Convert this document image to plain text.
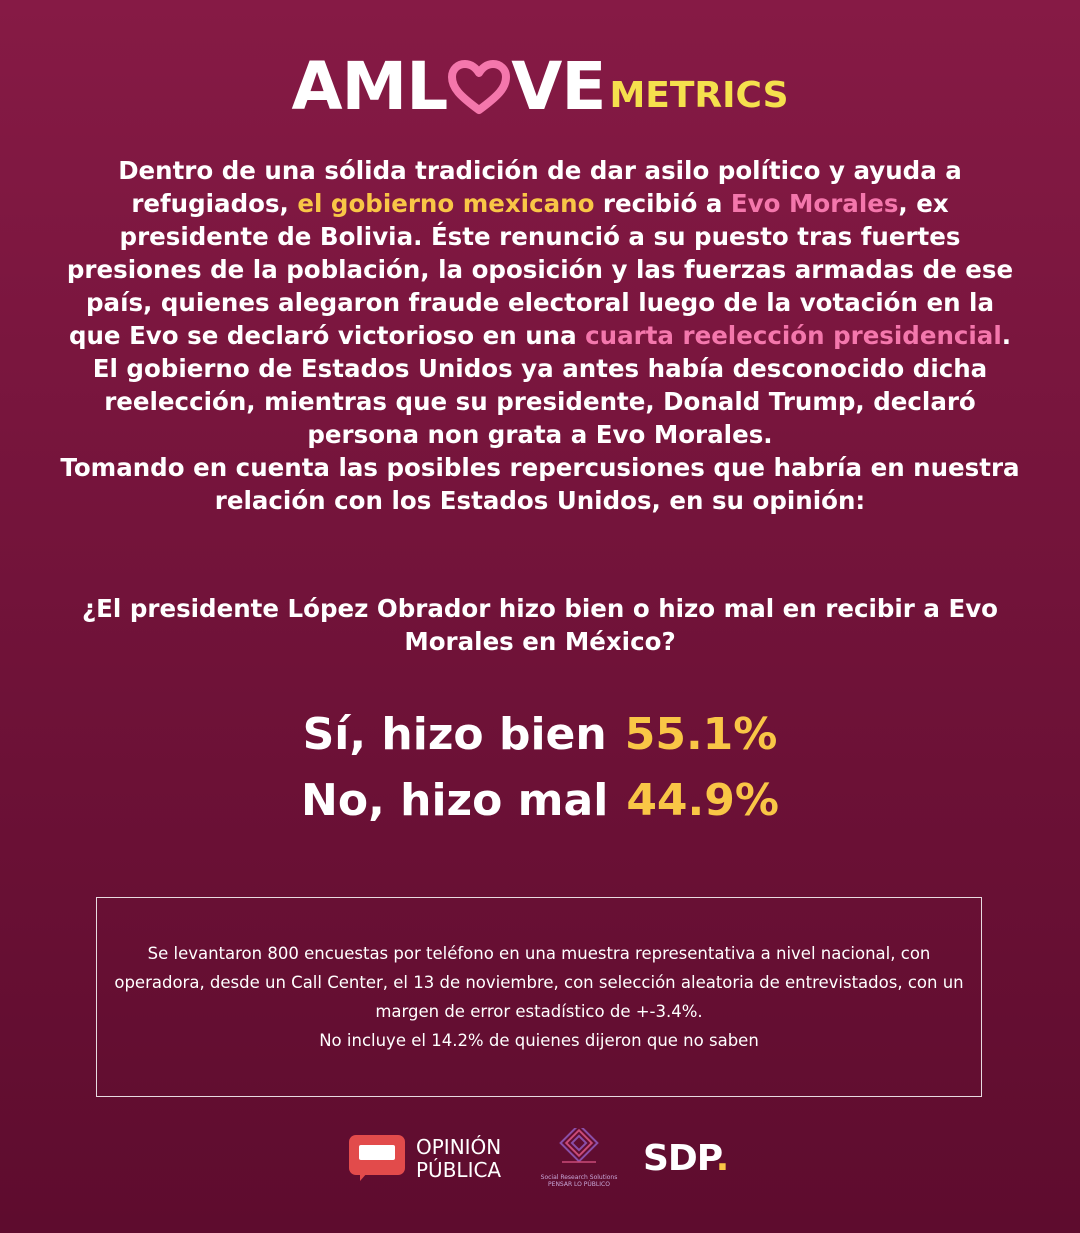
AML VE METRICS

Dentro de una sólida tradición de dar asilo político y ayuda a refugiados, el gobierno mexicano recibió a Evo Morales, ex presidente de Bolivia. Éste renunció a su puesto tras fuertes presiones de la población, la oposición y las fuerzas armadas de ese país, quienes alegaron fraude electoral luego de la votación en la que Evo se declaró victorioso en una cuarta reelección presidencial.

El gobierno de Estados Unidos ya antes había desconocido dicha reelección, mientras que su presidente, Donald Trump, declaró persona non grata a Evo Morales.

Tomando en cuenta las posibles repercusiones que habría en nuestra relación con los Estados Unidos, en su opinión:

¿El presidente López Obrador hizo bien o hizo mal en recibir a Evo Morales en México?
Sí, hizo bien 55.1%
No, hizo mal 44.9%

Se levantaron 800 encuestas por teléfono en una muestra representativa a nivel nacional, con operadora, desde un Call Center, el 13 de noviembre, con selección aleatoria de entrevistados, con un margen de error estadístico de +-3.4%.

No incluye el 14.2% de quienes dijeron que no saben

OPINIÓN
PÚBLICA	Social Research Solutions
PENSAR LO PÚBLICO
SDP.
